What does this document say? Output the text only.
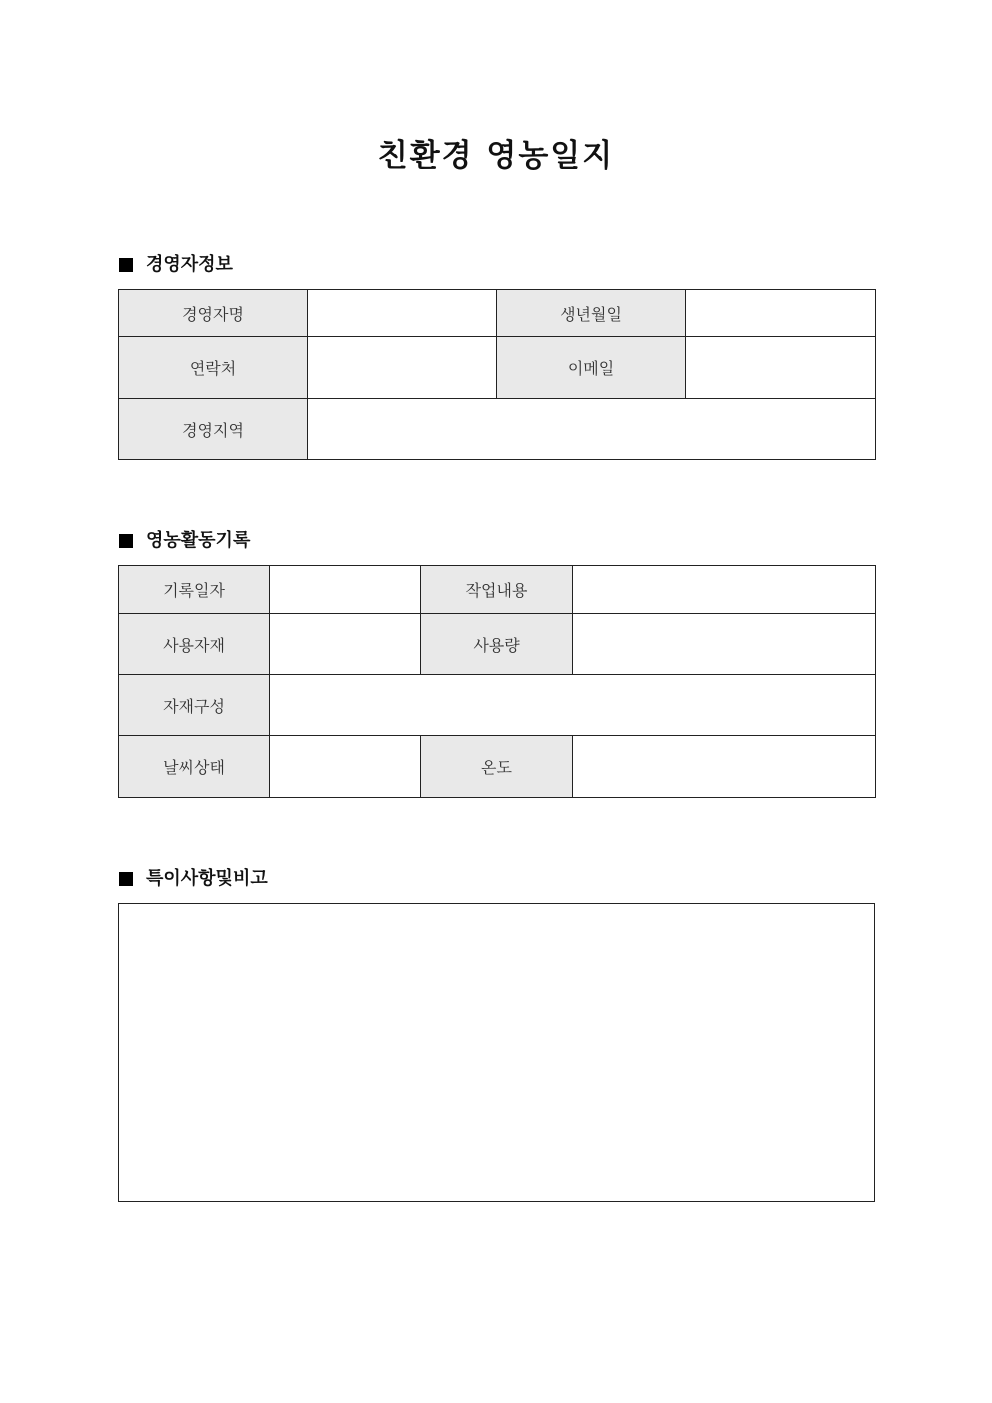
친환경 영농일지
경영자정보
경영자명		생년월일	
연락처		이메일	
경영지역			
영농활동기록
기록일자		작업내용	
사용자재		사용량	
자재구성			
날씨상태		온도	
특이사항및비고
